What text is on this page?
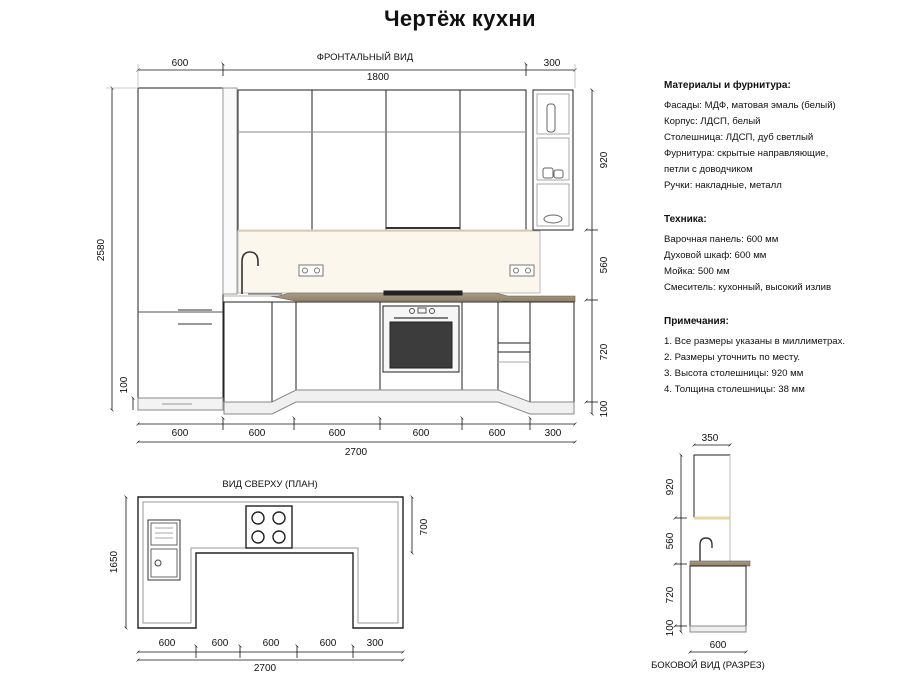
Чертёж кухни
ФРОНТАЛЬНЫЙ ВИД
600
1800
300
920
560
720
100
2580
100
600	600	600	600	600	300
2700
ВИД СВЕРХУ (ПЛАН)
1650
700
600	600	600	600	300
2700
350
920
560
720
100
600
БОКОВОЙ ВИД (РАЗРЕЗ)
Материалы и фурнитура:
Фасады: МДФ, матовая эмаль (белый)
Корпус: ЛДСП, белый
Столешница: ЛДСП, дуб светлый
Фурнитура: скрытые направляющие,
петли с доводчиком
Ручки: накладные, металл
Техника:
Варочная панель: 600 мм
Духовой шкаф: 600 мм
Мойка: 500 мм
Смеситель: кухонный, высокий излив
Примечания:
1. Все размеры указаны в миллиметрах.
2. Размеры уточнить по месту.
3. Высота столешницы: 920 мм
4. Толщина столешницы: 38 мм
